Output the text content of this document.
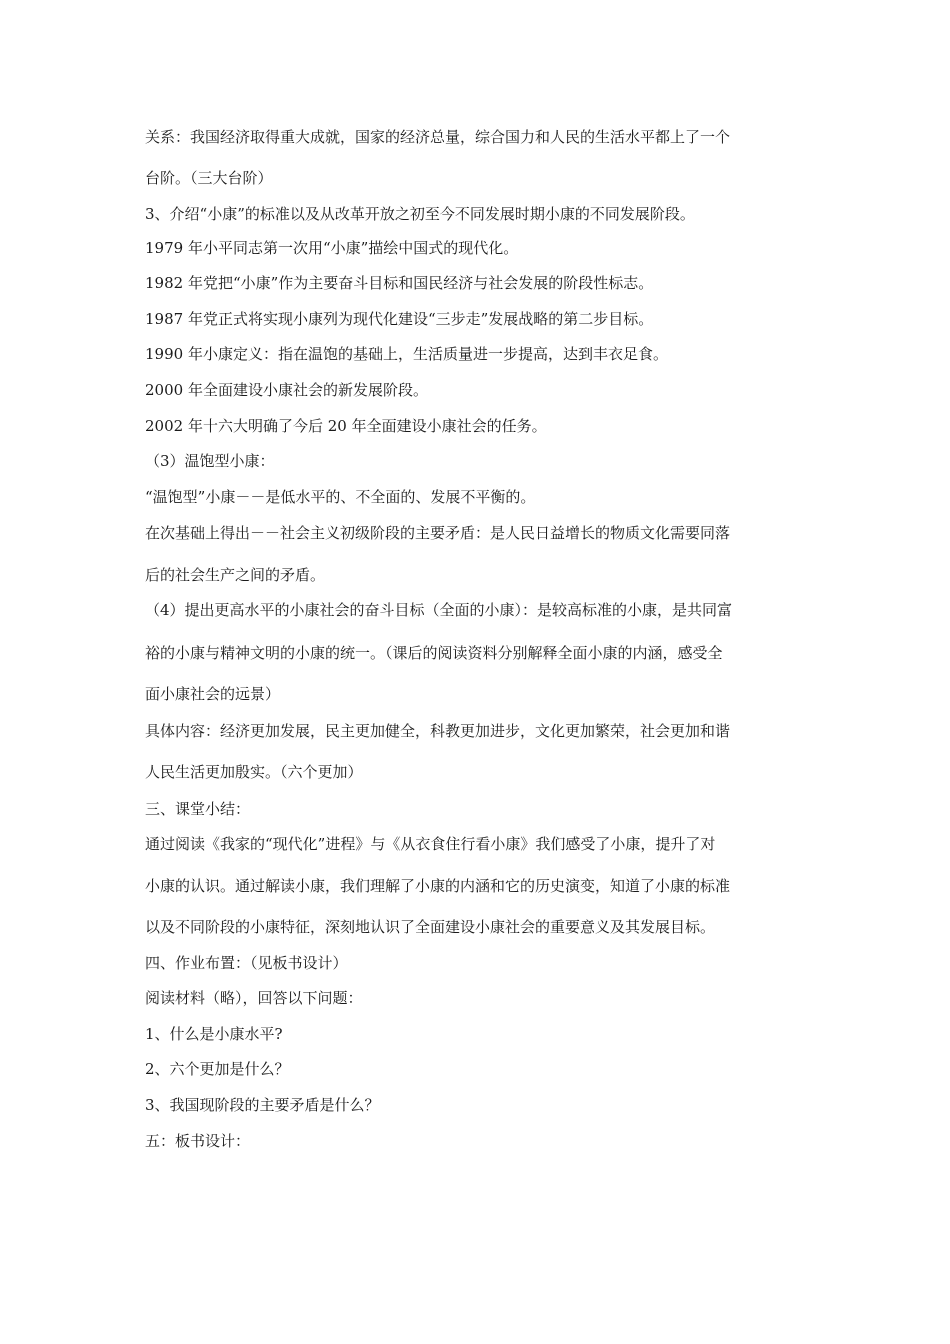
关系：我国经济取得重大成就，国家的经济总量，综合国力和人民的生活水平都上了一个
台阶。（三大台阶）
3、介绍“小康”的标准以及从改革开放之初至今不同发展时期小康的不同发展阶段。
1979 年小平同志第一次用“小康”描绘中国式的现代化。
1982 年党把“小康”作为主要奋斗目标和国民经济与社会发展的阶段性标志。
1987 年党正式将实现小康列为现代化建设“三步走”发展战略的第二步目标。
1990 年小康定义：指在温饱的基础上，生活质量进一步提高，达到丰衣足食。
2000 年全面建设小康社会的新发展阶段。
2002 年十六大明确了今后 20 年全面建设小康社会的任务。
（3）温饱型小康：
“温饱型”小康－－是低水平的、不全面的、发展不平衡的。
在次基础上得出－－社会主义初级阶段的主要矛盾：是人民日益增长的物质文化需要同落
后的社会生产之间的矛盾。
（4）提出更高水平的小康社会的奋斗目标（全面的小康）：是较高标准的小康，是共同富
裕的小康与精神文明的小康的统一。（课后的阅读资料分别解释全面小康的内涵，感受全
面小康社会的远景）
具体内容：经济更加发展，民主更加健全，科教更加进步，文化更加繁荣，社会更加和谐
人民生活更加殷实。（六个更加）
三、课堂小结：
通过阅读《我家的“现代化”进程》与《从衣食住行看小康》我们感受了小康，提升了对
小康的认识。通过解读小康，我们理解了小康的内涵和它的历史演变，知道了小康的标准
以及不同阶段的小康特征，深刻地认识了全面建设小康社会的重要意义及其发展目标。
四、作业布置：（见板书设计）
阅读材料（略），回答以下问题：
1、什么是小康水平?
2、六个更加是什么？
3、我国现阶段的主要矛盾是什么？
五：板书设计：
